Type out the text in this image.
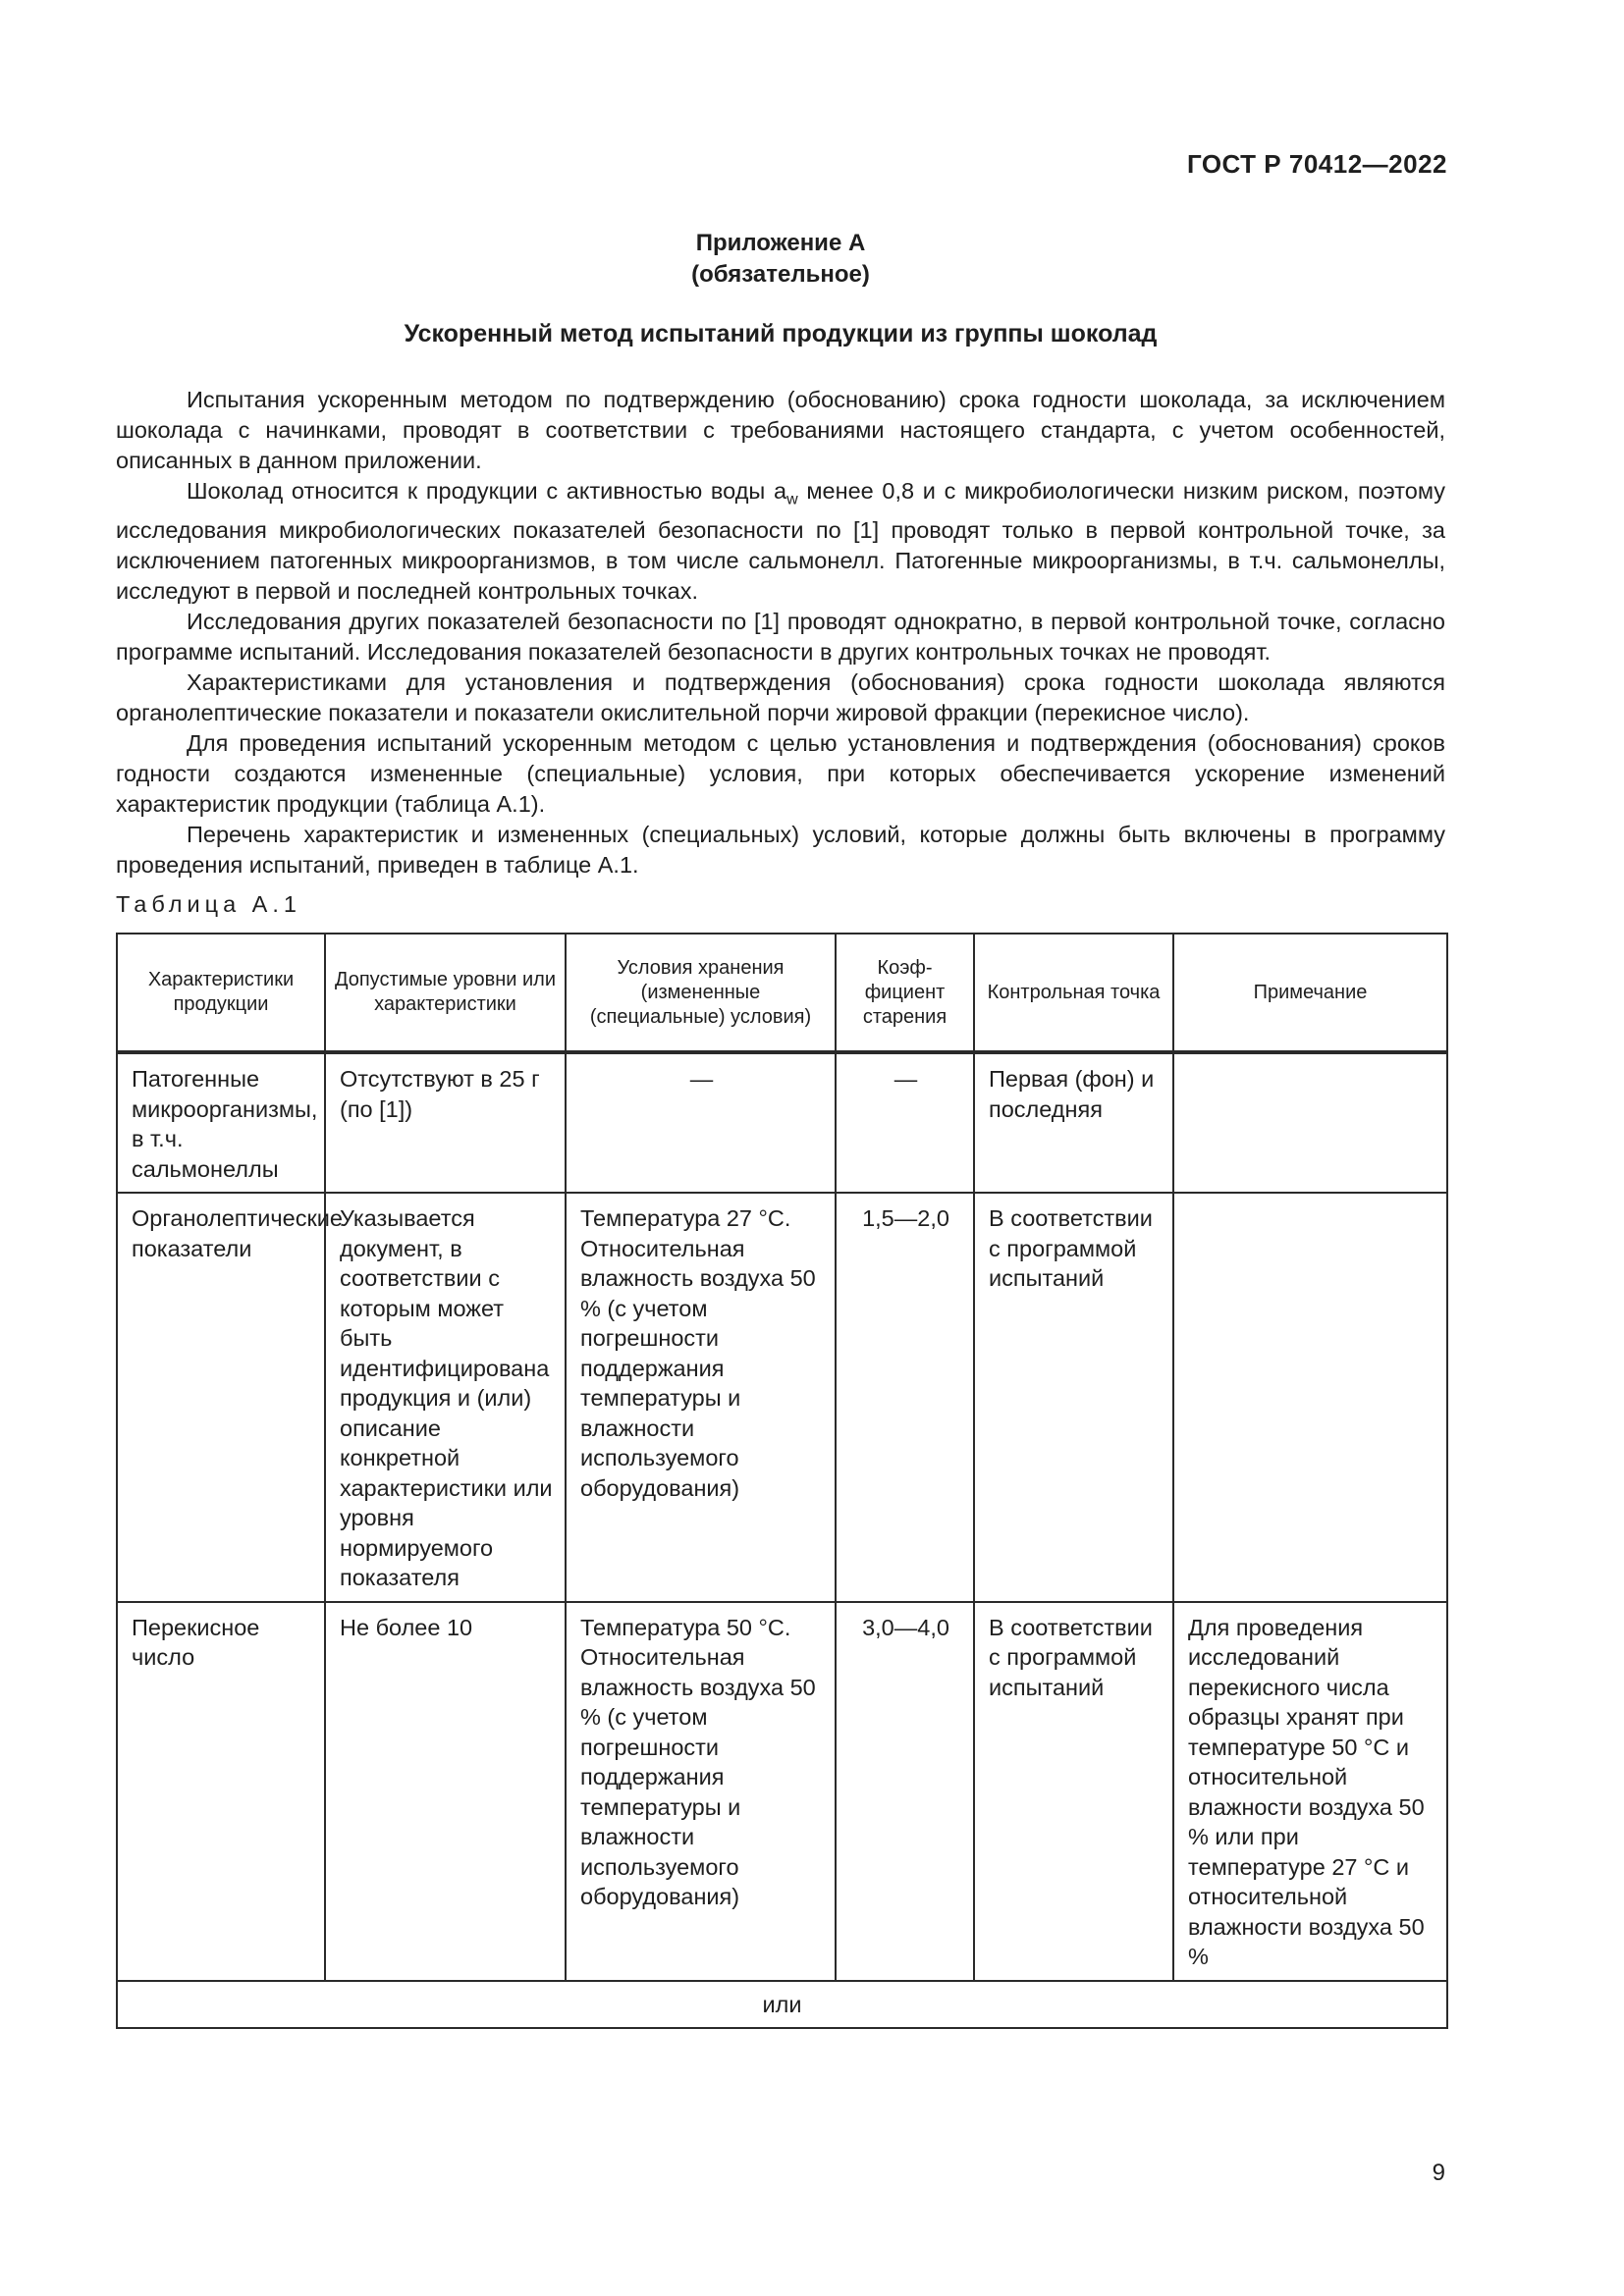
ГОСТ Р 70412—2022
Приложение А
(обязательное)
Ускоренный метод испытаний продукции из группы шоколад

Испытания ускоренным методом по подтверждению (обоснованию) срока годности шоколада, за исключением шоколада с начинками, проводят в соответствии с требованиями настоящего стандарта, с учетом особенностей, описанных в данном приложении.

Шоколад относится к продукции с активностью воды $a_w$ менее 0,8 и с микробиологически низким риском, поэтому исследования микробиологических показателей безопасности по [1] проводят только в первой контрольной точке, за исключением патогенных микроорганизмов, в том числе сальмонелл. Патогенные микроорганизмы, в т.ч. сальмонеллы, исследуют в первой и последней контрольных точках.

Исследования других показателей безопасности по [1] проводят однократно, в первой контрольной точке, согласно программе испытаний. Исследования показателей безопасности в других контрольных точках не проводят.

Характеристиками для установления и подтверждения (обоснования) срока годности шоколада являются органолептические показатели и показатели окислительной порчи жировой фракции (перекисное число).

Для проведения испытаний ускоренным методом с целью установления и подтверждения (обоснования) сроков годности создаются измененные (специальные) условия, при которых обеспечивается ускорение изменений характеристик продукции (таблица А.1).

Перечень характеристик и измененных (специальных) условий, которые должны быть включены в программу проведения испытаний, приведен в таблице А.1.

Таблица А.1
Характеристики продукции	Допустимые уровни или характеристики	Условия хранения (измененные (специальные) условия)	Коэф-фициент старения	Контрольная точка	Примечание
Патогенные микроорганизмы, в т.ч. сальмонеллы	Отсутствуют в 25 г (по [1])	—	—	Первая (фон) и последняя	
Органолептические показатели	Указывается документ, в соответствии с которым может быть идентифицирована продукция и (или) описание конкретной характеристики или уровня нормируемого показателя	Температура 27 °С. Относительная влажность воздуха 50 % (с учетом погрешности поддержания температуры и влажности используемого оборудования)	1,5—2,0	В соответствии с программой испытаний	
Перекисное число	Не более 10	Температура 50 °С. Относительная влажность воздуха 50 % (с учетом погрешности поддержания температуры и влажности используемого оборудования)	3,0—4,0	В соответствии с программой испытаний	Для проведения исследований перекисного числа образцы хранят при температуре 50 °С и относительной влажности воздуха 50 % или при температуре 27 °С и относительной влажности воздуха 50 %
или					
9
